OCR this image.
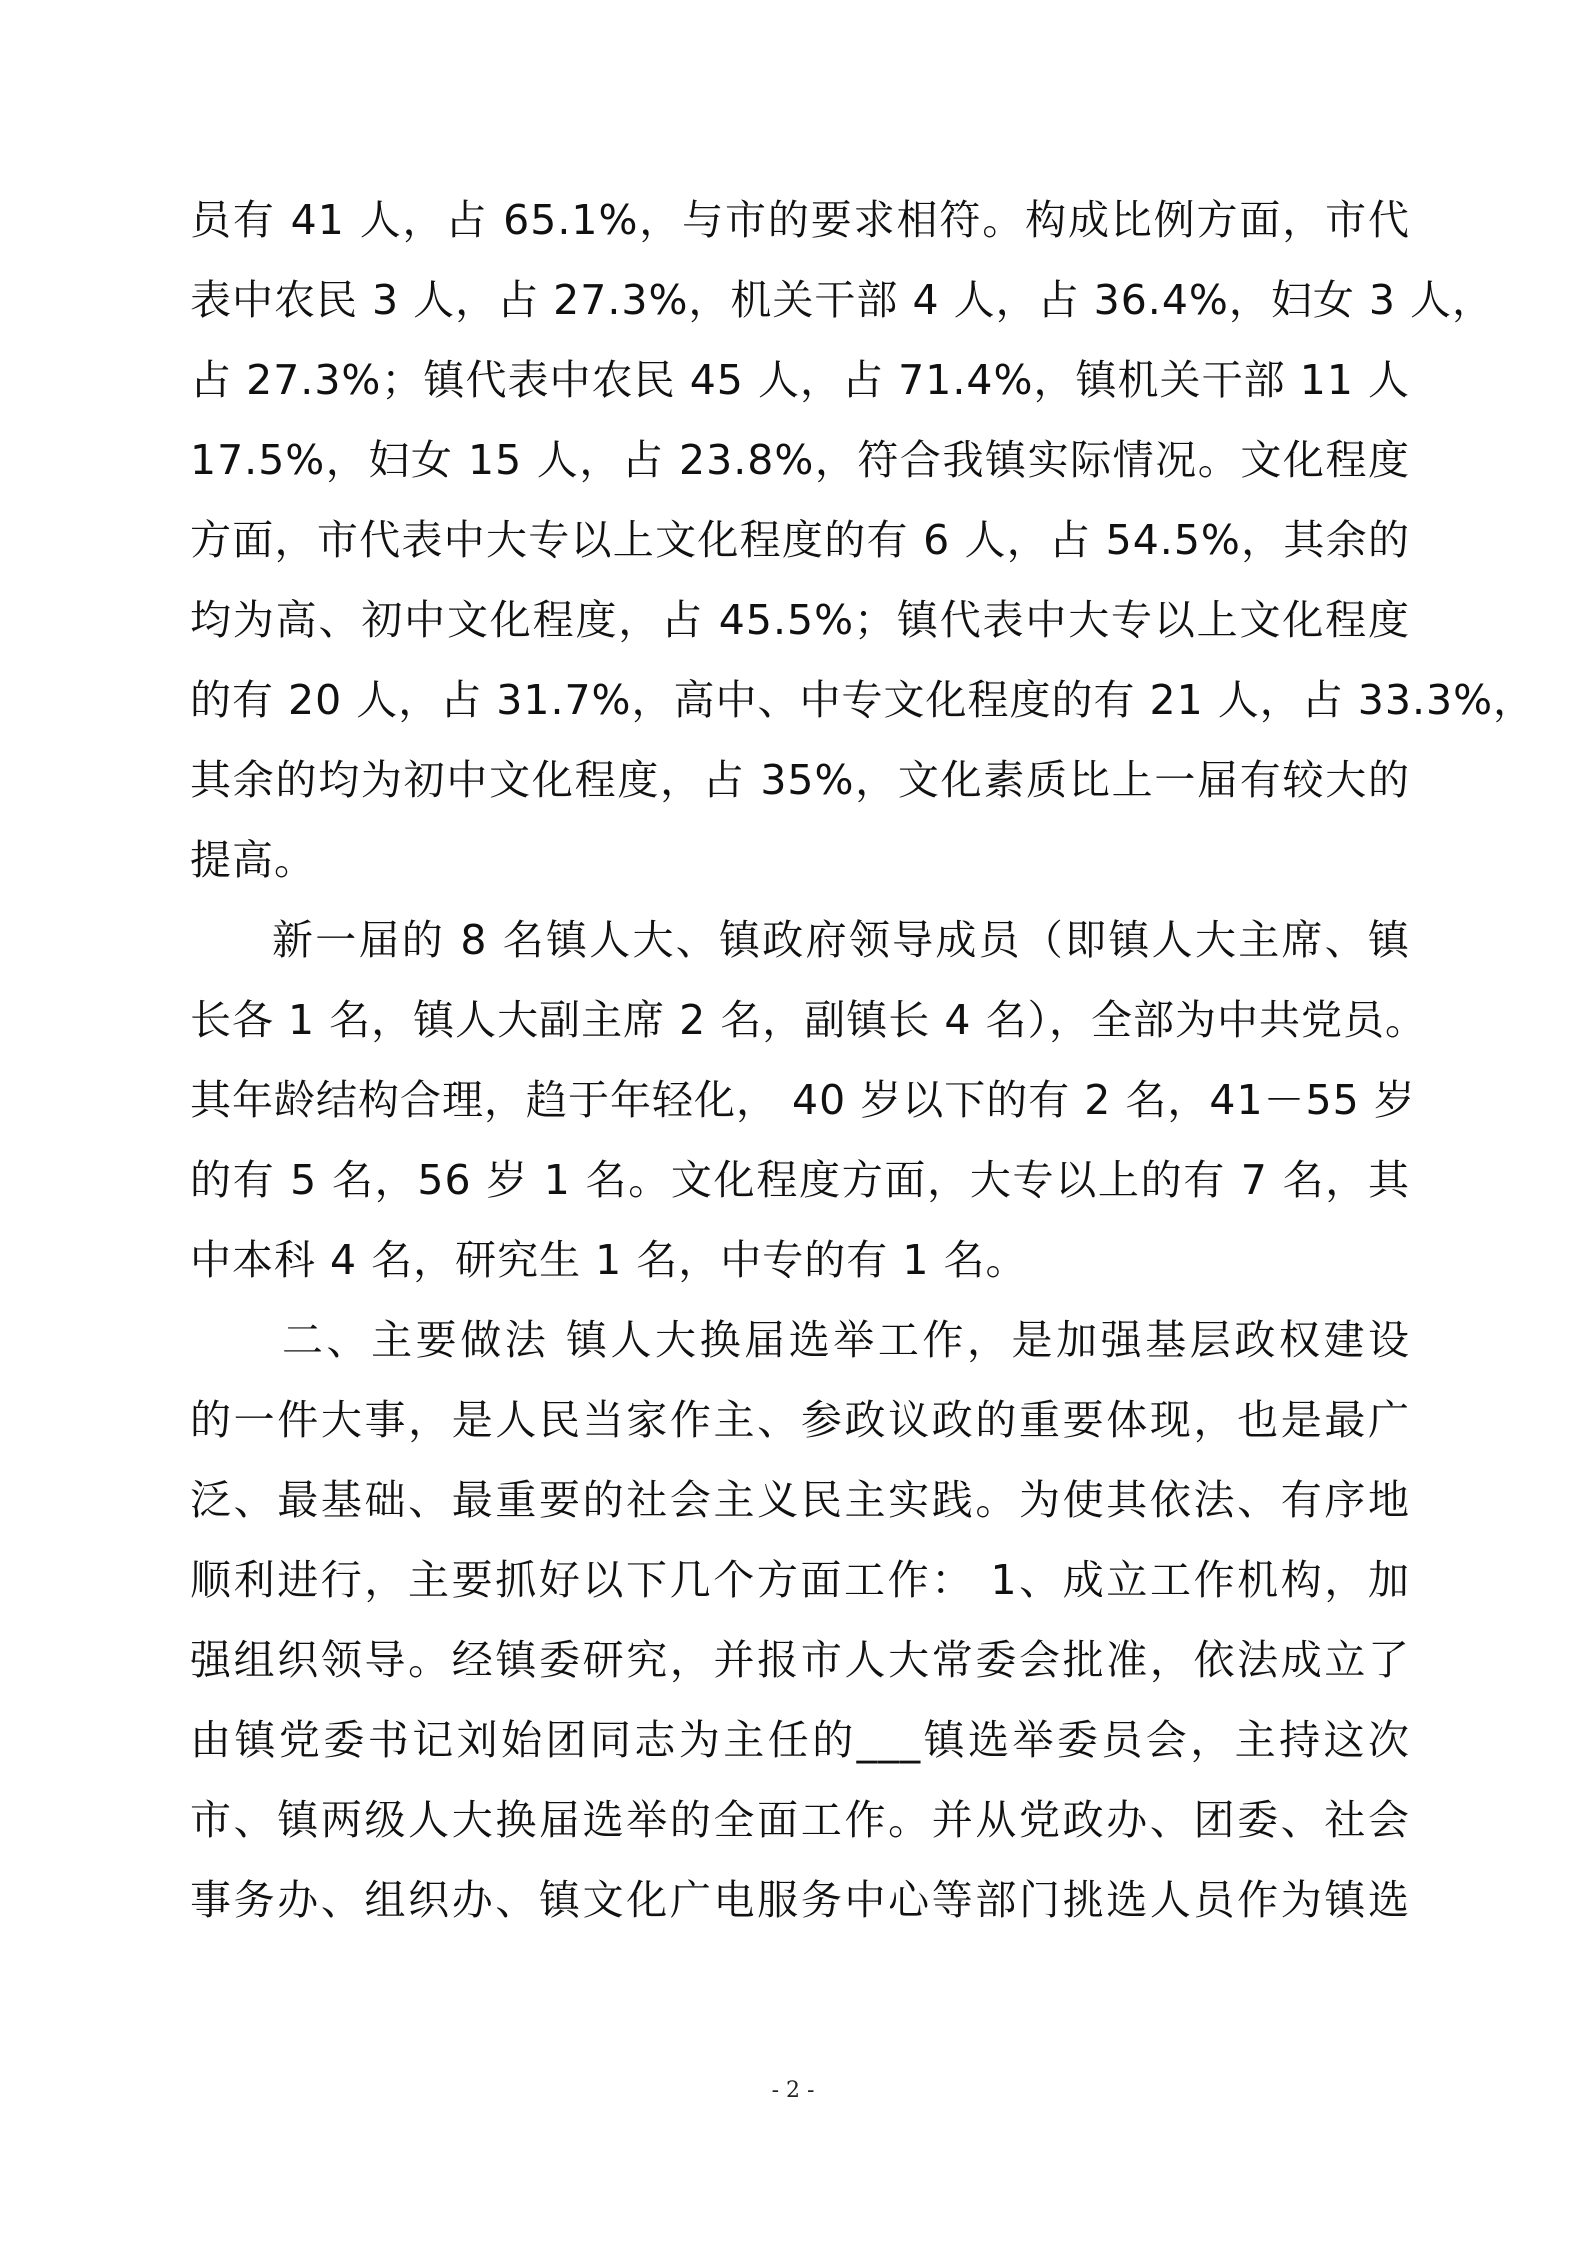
员有 41 人，占 65.1%，与市的要求相符。构成比例方面，市代
表中农民 3 人，占 27.3%，机关干部 4 人，占 36.4%，妇女 3 人，
占 27.3%；镇代表中农民 45 人，占 71.4%，镇机关干部 11 人
17.5%，妇女 15 人，占 23.8%，符合我镇实际情况。文化程度
方面，市代表中大专以上文化程度的有 6 人，占 54.5%，其余的
均为高、初中文化程度，占 45.5%；镇代表中大专以上文化程度
的有 20 人，占 31.7%，高中、中专文化程度的有 21 人，占 33.3%，
其余的均为初中文化程度，占 35%，文化素质比上一届有较大的
提高。
新一届的 8 名镇人大、镇政府领导成员（即镇人大主席、镇
长各 1 名，镇人大副主席 2 名，副镇长 4 名），全部为中共党员。
其年龄结构合理，趋于年轻化， 40 岁以下的有 2 名，41－55 岁
的有 5 名，56 岁 1 名。文化程度方面，大专以上的有 7 名，其
中本科 4 名，研究生 1 名，中专的有 1 名。
二、主要做法 镇人大换届选举工作，是加强基层政权建设
的一件大事，是人民当家作主、参政议政的重要体现，也是最广
泛、最基础、最重要的社会主义民主实践。为使其依法、有序地
顺利进行，主要抓好以下几个方面工作： 1、成立工作机构，加
强组织领导。经镇委研究，并报市人大常委会批准，依法成立了
由镇党委书记刘始团同志为主任的___镇选举委员会，主持这次
市、镇两级人大换届选举的全面工作。并从党政办、团委、社会
事务办、组织办、镇文化广电服务中心等部门挑选人员作为镇选
- 2 -
